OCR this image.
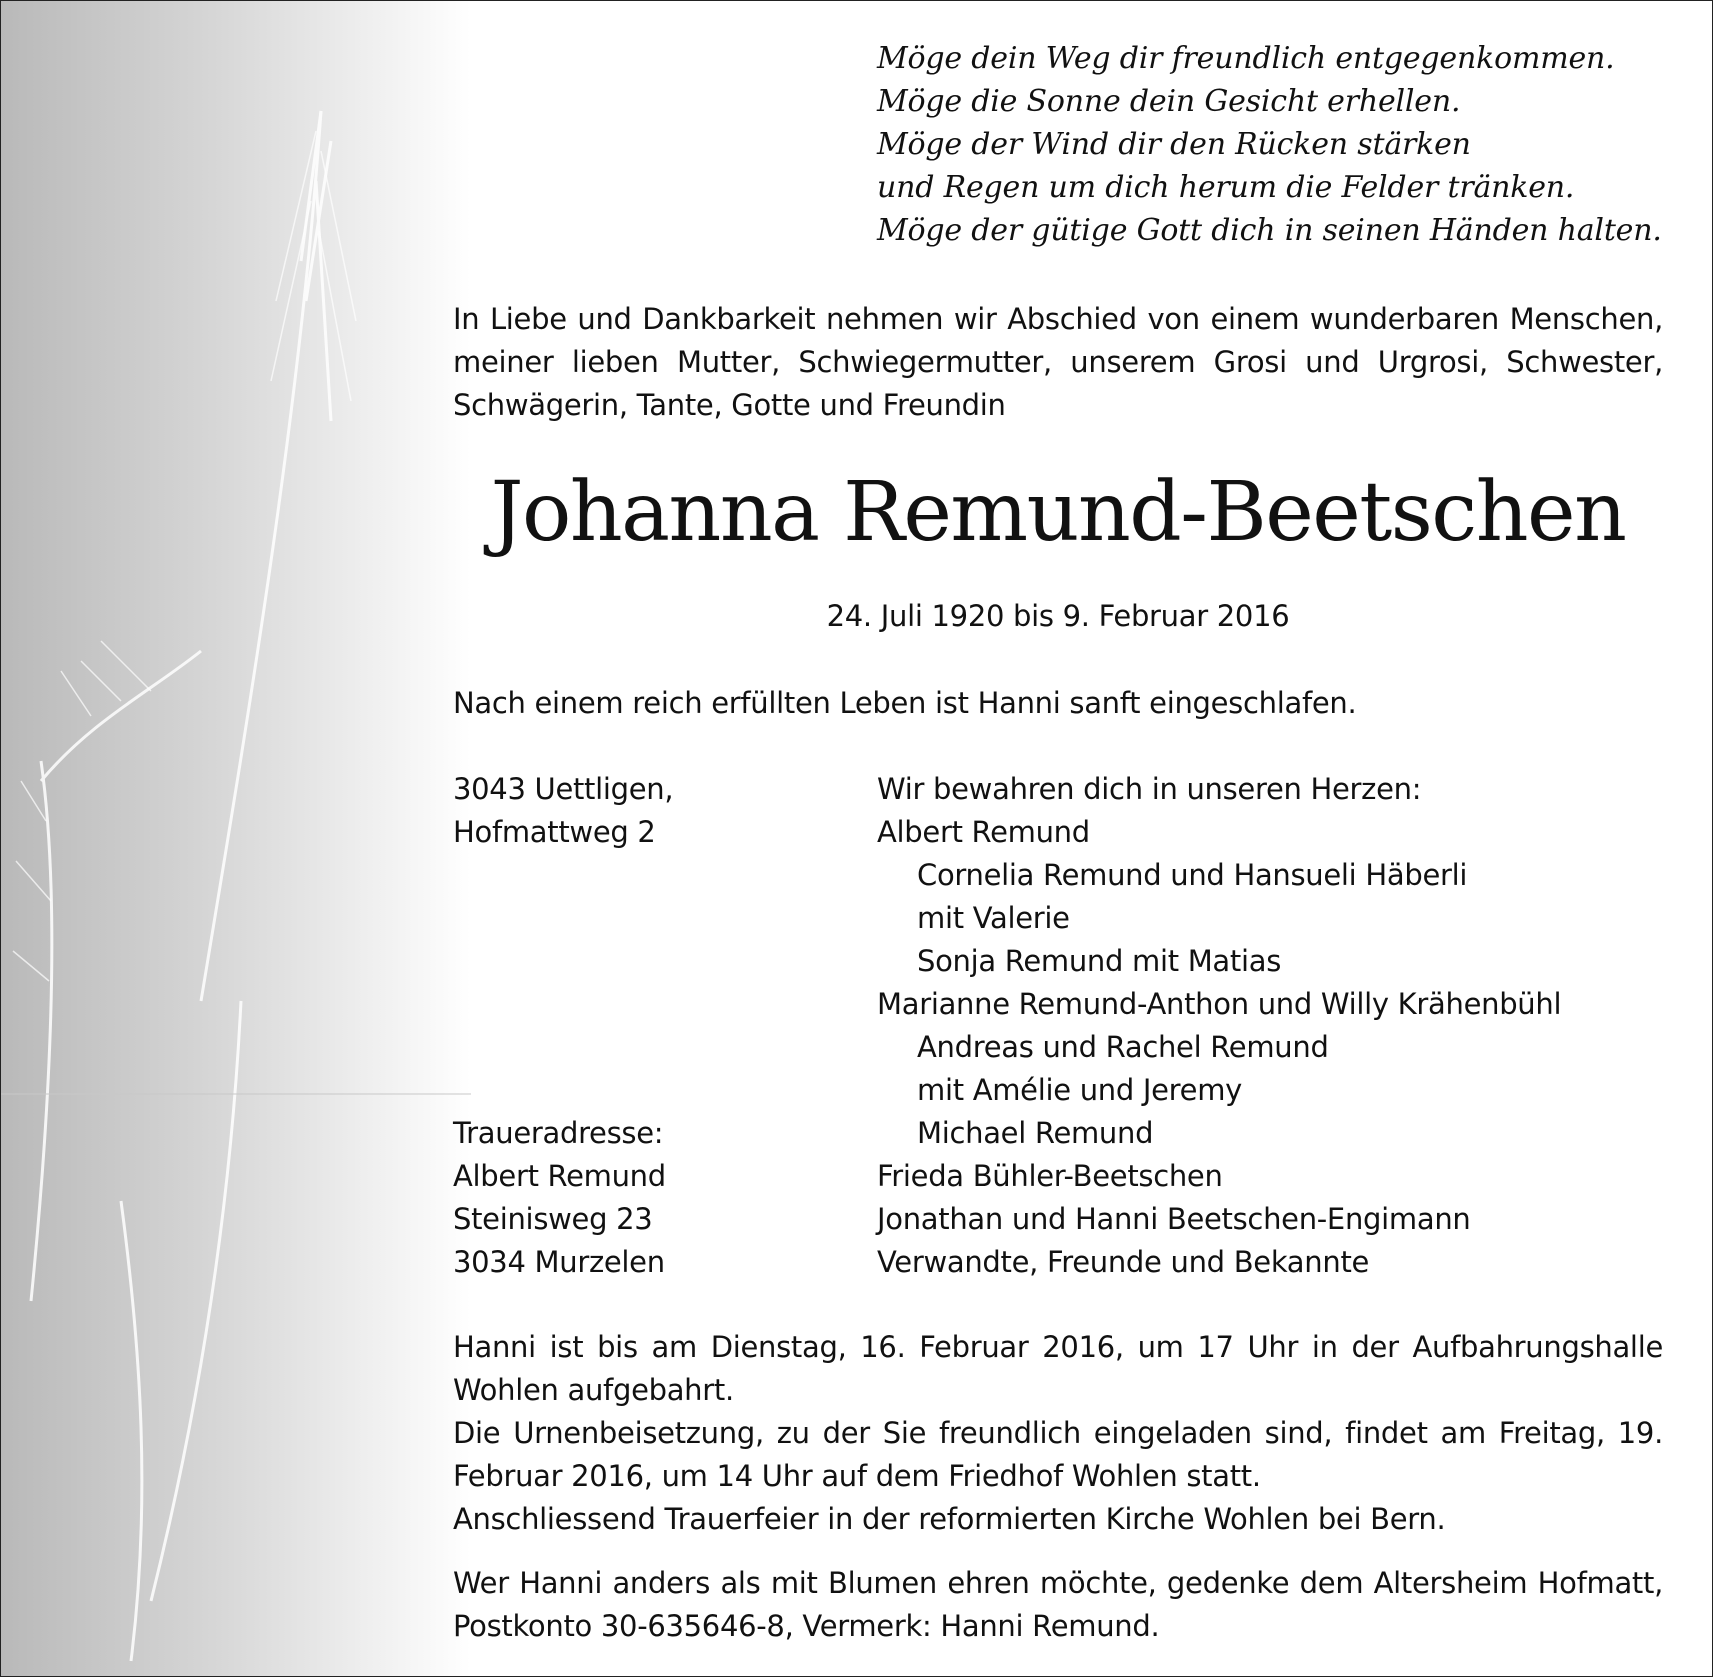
Möge dein Weg dir freundlich entgegenkommen.
Möge die Sonne dein Gesicht erhellen.
Möge der Wind dir den Rücken stärken
und Regen um dich herum die Felder tränken.
Möge der gütige Gott dich in seinen Händen halten.
In Liebe und Dankbarkeit nehmen wir Abschied von einem wunderbaren Menschen, meiner lieben Mutter, Schwiegermutter, unserem Grosi und Urgrosi, Schwester, Schwägerin, Tante, Gotte und Freundin
Johanna Remund-Beetschen
24. Juli 1920 bis 9. Februar 2016
Nach einem reich erfüllten Leben ist Hanni sanft eingeschlafen.
3043 Uettligen,
Hofmattweg 2
Traueradresse:
Albert Remund
Steinisweg 23
3034 Murzelen
Wir bewahren dich in unseren Herzen:
Albert Remund
Cornelia Remund und Hansueli Häberli
mit Valerie
Sonja Remund mit Matias
Marianne Remund-Anthon und Willy Krähenbühl
Andreas und Rachel Remund
mit Amélie und Jeremy
Michael Remund
Frieda Bühler-Beetschen
Jonathan und Hanni Beetschen-Engimann
Verwandte, Freunde und Bekannte
Hanni ist bis am Dienstag, 16. Februar 2016, um 17 Uhr in der Aufbahrungshalle Wohlen aufgebahrt.
Die Urnenbeisetzung, zu der Sie freundlich eingeladen sind, findet am Freitag, 19. Februar 2016, um 14 Uhr auf dem Friedhof Wohlen statt.
Anschliessend Trauerfeier in der reformierten Kirche Wohlen bei Bern.
Wer Hanni anders als mit Blumen ehren möchte, gedenke dem Altersheim Hofmatt, Postkonto 30-635646-8, Vermerk: Hanni Remund.
